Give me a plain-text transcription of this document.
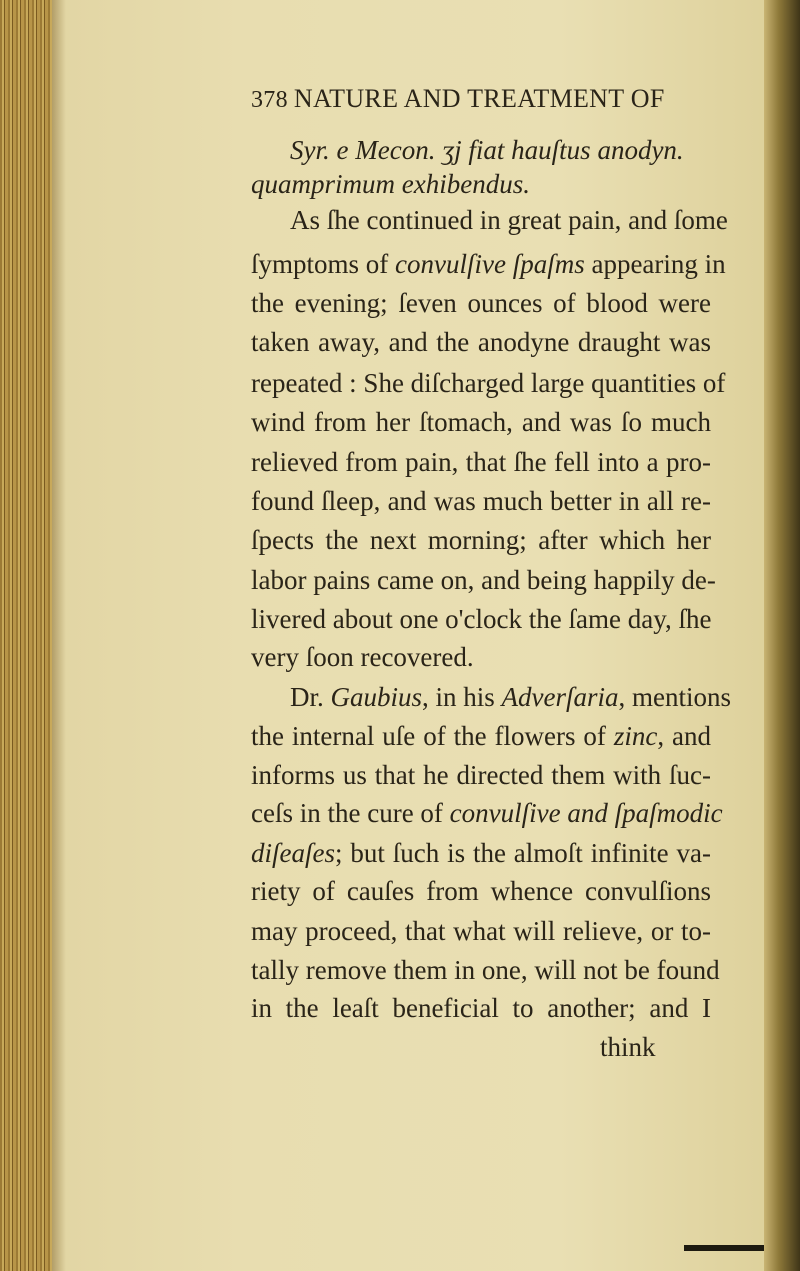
378 NATURE AND TREATMENT OF
Syr. e Mecon. ʒj fiat hauſtus anodyn.
quamprimum exhibendus.
As ſhe continued in great pain, and ſome
ſymptoms of convulſive ſpaſms appearing in
the evening; ſeven ounces of blood were
taken away, and the anodyne draught was
repeated : She diſcharged large quantities of
wind from her ſtomach, and was ſo much
relieved from pain, that ſhe fell into a pro-
found ſleep, and was much better in all re-
ſpects the next morning; after which her
labor pains came on, and being happily de-
livered about one o'clock the ſame day, ſhe
very ſoon recovered.
Dr. Gaubius, in his Adverſaria, mentions
the internal uſe of the flowers of zinc, and
informs us that he directed them with ſuc-
ceſs in the cure of convulſive and ſpaſmodic
diſeaſes; but ſuch is the almoſt infinite va-
riety of cauſes from whence convulſions
may proceed, that what will relieve, or to-
tally remove them in one, will not be found
in the leaſt beneficial to another; and I
think
